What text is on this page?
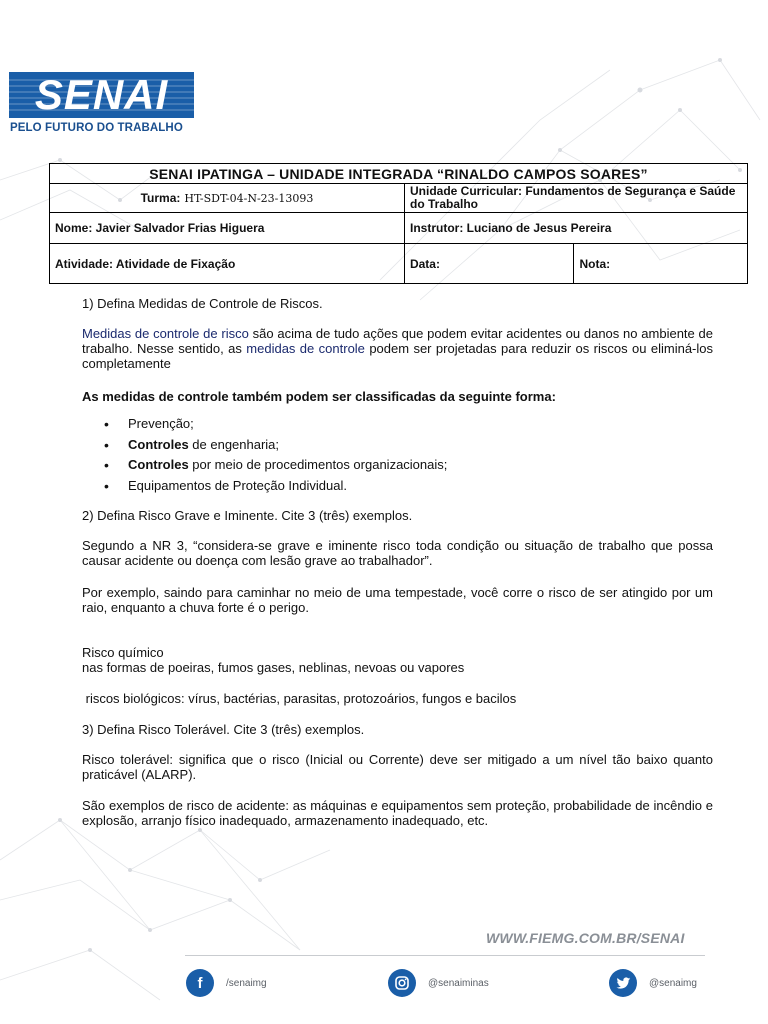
SENAI
PELO FUTURO DO TRABALHO
SENAI IPATINGA – UNIDADE INTEGRADA “RINALDO CAMPOS SOARES”
Turma: HT-SDT-04-N-23-13093	Unidade Curricular: Fundamentos de Segurança e Saúde do Trabalho
Nome: Javier Salvador Frias Higuera	Instrutor: Luciano de Jesus Pereira
Atividade: Atividade de Fixação	Data:	Nota:

1) Defina Medidas de Controle de Riscos.

Medidas de controle de risco são acima de tudo ações que podem evitar acidentes ou danos no ambiente de trabalho. Nesse sentido, as medidas de controle podem ser projetadas para reduzir os riscos ou eliminá-los completamente

As medidas de controle também podem ser classificadas da seguinte forma:

• Prevenção;
• Controles de engenharia;
• Controles por meio de procedimentos organizacionais;
• Equipamentos de Proteção Individual.

2) Defina Risco Grave e Iminente. Cite 3 (três) exemplos.

Segundo a NR 3, “considera-se grave e iminente risco toda condição ou situação de trabalho que possa causar acidente ou doença com lesão grave ao trabalhador”.

Por exemplo, saindo para caminhar no meio de uma tempestade, você corre o risco de ser atingido por um raio, enquanto a chuva forte é o perigo.

Risco químico

nas formas de poeiras, fumos gases, neblinas, nevoas ou vapores

riscos biológicos: vírus, bactérias, parasitas, protozoários, fungos e bacilos

3) Defina Risco Tolerável. Cite 3 (três) exemplos.

Risco tolerável: significa que o risco (Inicial ou Corrente) deve ser mitigado a um nível tão baixo quanto praticável (ALARP).

São exemplos de risco de acidente: as máquinas e equipamentos sem proteção, probabilidade de incêndio e explosão, arranjo físico inadequado, armazenamento inadequado, etc.

WWW.FIEMG.COM.BR/SENAI
f	/senaimg	@senaiminas	@senaimg
